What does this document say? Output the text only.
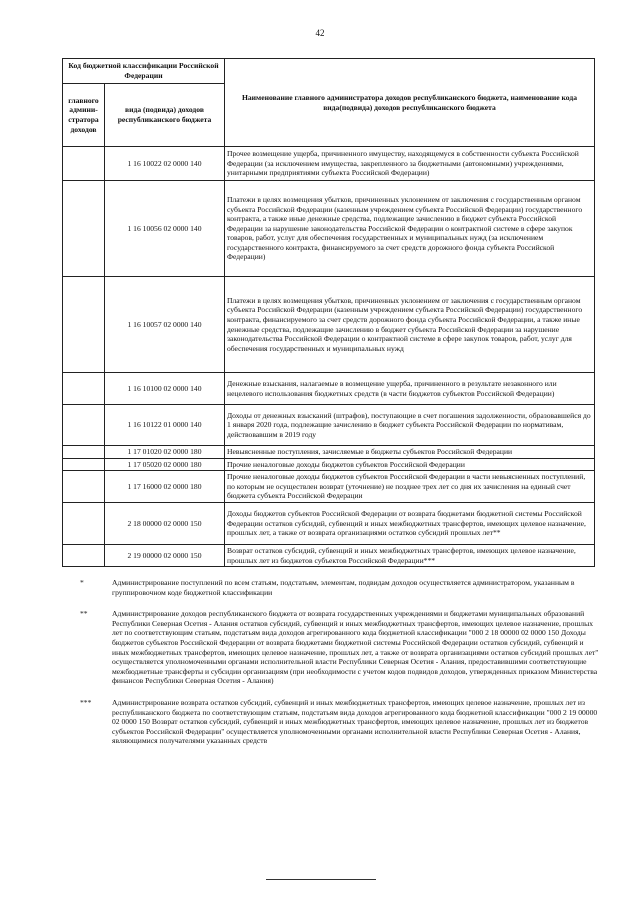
42
Код бюджетной классификации Российской Федерации		Наименование главного администратора доходов республиканского бюджета, наименование кода вида(подвида) доходов республиканского бюджета
главного админи-стратора доходов	вида (подвида) доходов республиканского бюджета	
	1 16 10022 02 0000 140	Прочее возмещение ущерба, причиненного имуществу, находящемуся в собственности субъекта Российской Федерации (за исключением имущества, закрепленного за бюджетными (автономными) учреждениями, унитарными предприятиями субъекта Российской Федерации)
	1 16 10056 02 0000 140	Платежи в целях возмещения убытков, причиненных уклонением от заключения с государственным органом субъекта Российской Федерации (казенным учреждением субъекта Российской Федерации) государственного контракта, а также иные денежные средства, подлежащие зачислению в бюджет субъекта Российской Федерации за нарушение законодательства Российской Федерации о контрактной системе в сфере закупок товаров, работ, услуг для обеспечения государственных и муниципальных нужд (за исключением государственного контракта, финансируемого за счет средств дорожного фонда субъекта Российской Федерации)
	1 16 10057 02 0000 140	Платежи в целях возмещения убытков, причиненных уклонением от заключения с государственным органом субъекта Российской Федерации (казенным учреждением субъекта Российской Федерации) государственного контракта, финансируемого за счет средств дорожного фонда субъекта Российской Федерации, а также иные денежные средства, подлежащие зачислению в бюджет субъекта Российской Федерации за нарушение законодательства Российской Федерации о контрактной системе в сфере закупок товаров, работ, услуг для обеспечения государственных и муниципальных нужд
	1 16 10100 02 0000 140	Денежные взыскания, налагаемые в возмещение ущерба, причиненного в результате незаконного или нецелевого использования бюджетных средств (в части бюджетов субъектов Российской Федерации)
	1 16 10122 01 0000 140	Доходы от денежных взысканий (штрафов), поступающие в счет погашения задолженности, образовавшейся до 1 января 2020 года, подлежащие зачислению в бюджет субъекта Российской Федерации по нормативам, действовавшим в 2019 году
	1 17 01020 02 0000 180	Невыясненные поступления, зачисляемые в бюджеты субъектов Российской Федерации
	1 17 05020 02 0000 180	Прочие неналоговые доходы бюджетов субъектов Российской Федерации
	1 17 16000 02 0000 180	Прочие неналоговые доходы бюджетов субъектов Российской Федерации в части невыясненных поступлений, по которым не осуществлен возврат (уточнение) не позднее трех лет со дня их зачисления на единый счет бюджета субъекта Российской Федерации
	2 18 00000 02 0000 150	Доходы бюджетов субъектов Российской Федерации от возврата бюджетами бюджетной системы Российской Федерации остатков субсидий, субвенций и иных межбюджетных трансфертов, имеющих целевое назначение, прошлых лет, а также от возврата организациями остатков субсидий прошлых лет**
	2 19 00000 02 0000 150	Возврат остатков субсидий, субвенций и иных межбюджетных трансфертов, имеющих целевое назначение, прошлых лет из бюджетов субъектов Российской Федерации***
*	Администрирование поступлений по всем статьям, подстатьям, элементам, подвидам доходов осуществляется администратором, указанным в группировочном коде бюджетной классификации
**	Администрирование доходов республиканского бюджета от возврата государственных учреждениями и бюджетами муниципальных образований Республики Северная Осетия - Алания остатков субсидий, субвенций и иных межбюджетных трансфертов, имеющих целевое назначение, прошлых лет по соответствующим статьям, подстатьям вида доходов агрегированного кода бюджетной классификации "000 2 18 00000 02 0000 150 Доходы бюджетов субъектов Российской Федерации от возврата бюджетами бюджетной системы Российской Федерации остатков субсидий, субвенций и иных межбюджетных трансфертов, имеющих целевое назначение, прошлых лет, а также от возврата организациями остатков субсидий прошлых лет" осуществляется уполномоченными органами исполнительной власти Республики Северная Осетия - Алания, предоставившими соответствующие межбюджетные трансферты и субсидии организациям (при необходимости с учетом кодов подвидов доходов, утвержденных приказом Министерства финансов Республики Северная Осетия - Алания)
***	Администрирование возврата остатков субсидий, субвенций и иных межбюджетных трансфертов, имеющих целевое назначение, прошлых лет из республиканского бюджета по соответствующим статьям, подстатьям вида доходов агрегированного кода бюджетной классификации "000 2 19 00000 02 0000 150 Возврат остатков субсидий, субвенций и иных межбюджетных трансфертов, имеющих целевое назначение, прошлых лет из бюджетов субъектов Российской Федерации" осуществляется уполномоченными органами исполнительной власти Республики Северная Осетия - Алания, являющимися получателями указанных средств
